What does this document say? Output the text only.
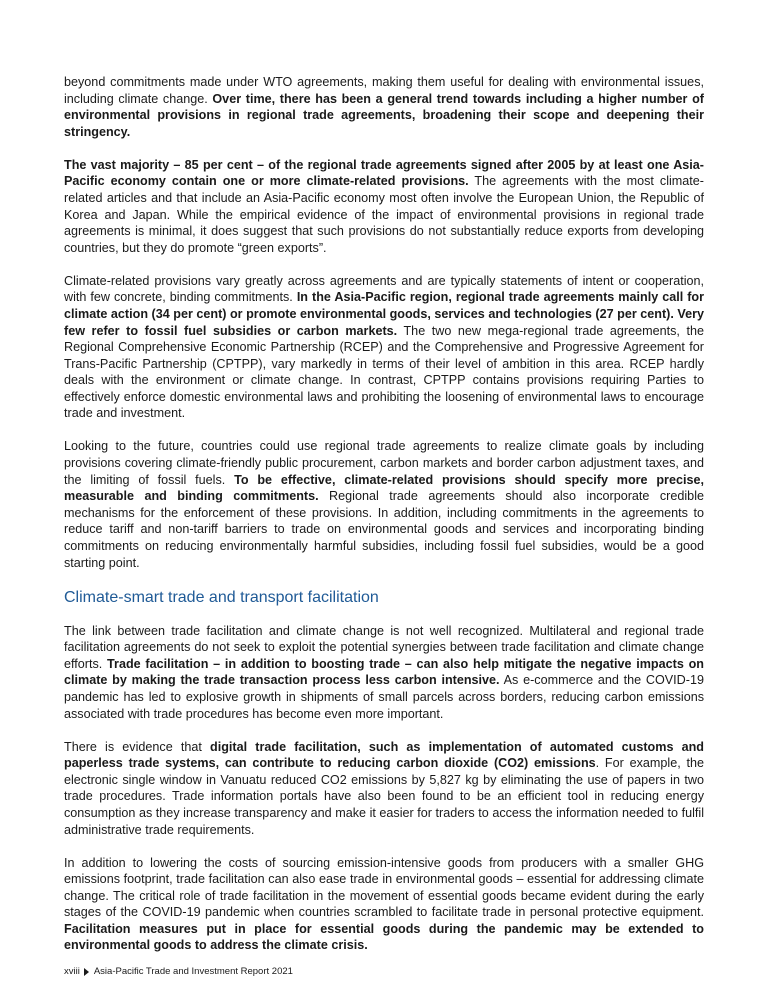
beyond commitments made under WTO agreements, making them useful for dealing with environmental issues, including climate change. Over time, there has been a general trend towards including a higher number of environmental provisions in regional trade agreements, broadening their scope and deepening their stringency.

The vast majority – 85 per cent – of the regional trade agreements signed after 2005 by at least one Asia-Pacific economy contain one or more climate-related provisions. The agreements with the most climate-related articles and that include an Asia-Pacific economy most often involve the European Union, the Republic of Korea and Japan. While the empirical evidence of the impact of environmental provisions in regional trade agreements is minimal, it does suggest that such provisions do not substantially reduce exports from developing countries, but they do promote “green exports”.

Climate-related provisions vary greatly across agreements and are typically statements of intent or cooperation, with few concrete, binding commitments. In the Asia-Pacific region, regional trade agreements mainly call for climate action (34 per cent) or promote environmental goods, services and technologies (27 per cent). Very few refer to fossil fuel subsidies or carbon markets. The two new mega-regional trade agreements, the Regional Comprehensive Economic Partnership (RCEP) and the Comprehensive and Progressive Agreement for Trans-Pacific Partnership (CPTPP), vary markedly in terms of their level of ambition in this area. RCEP hardly deals with the environment or climate change. In contrast, CPTPP contains provisions requiring Parties to effectively enforce domestic environmental laws and prohibiting the loosening of environmental laws to encourage trade and investment.

Looking to the future, countries could use regional trade agreements to realize climate goals by including provisions covering climate-friendly public procurement, carbon markets and border carbon adjustment taxes, and the limiting of fossil fuels. To be effective, climate-related provisions should specify more precise, measurable and binding commitments. Regional trade agreements should also incorporate credible mechanisms for the enforcement of these provisions. In addition, including commitments in the agreements to reduce tariff and non-tariff barriers to trade on environmental goods and services and incorporating binding commitments on reducing environmentally harmful subsidies, including fossil fuel subsidies, would be a good starting point.

Climate-smart trade and transport facilitation

The link between trade facilitation and climate change is not well recognized. Multilateral and regional trade facilitation agreements do not seek to exploit the potential synergies between trade facilitation and climate change efforts. Trade facilitation – in addition to boosting trade – can also help mitigate the negative impacts on climate by making the trade transaction process less carbon intensive. As e-commerce and the COVID-19 pandemic has led to explosive growth in shipments of small parcels across borders, reducing carbon emissions associated with trade procedures has become even more important.

There is evidence that digital trade facilitation, such as implementation of automated customs and paperless trade systems, can contribute to reducing carbon dioxide (CO2) emissions. For example, the electronic single window in Vanuatu reduced CO2 emissions by 5,827 kg by eliminating the use of papers in two trade procedures. Trade information portals have also been found to be an efficient tool in reducing energy consumption as they increase transparency and make it easier for traders to access the information needed to fulfil administrative trade requirements.

In addition to lowering the costs of sourcing emission-intensive goods from producers with a smaller GHG emissions footprint, trade facilitation can also ease trade in environmental goods – essential for addressing climate change. The critical role of trade facilitation in the movement of essential goods became evident during the early stages of the COVID-19 pandemic when countries scrambled to facilitate trade in personal protective equipment. Facilitation measures put in place for essential goods during the pandemic may be extended to environmental goods to address the climate crisis.

xviii Asia-Pacific Trade and Investment Report 2021
